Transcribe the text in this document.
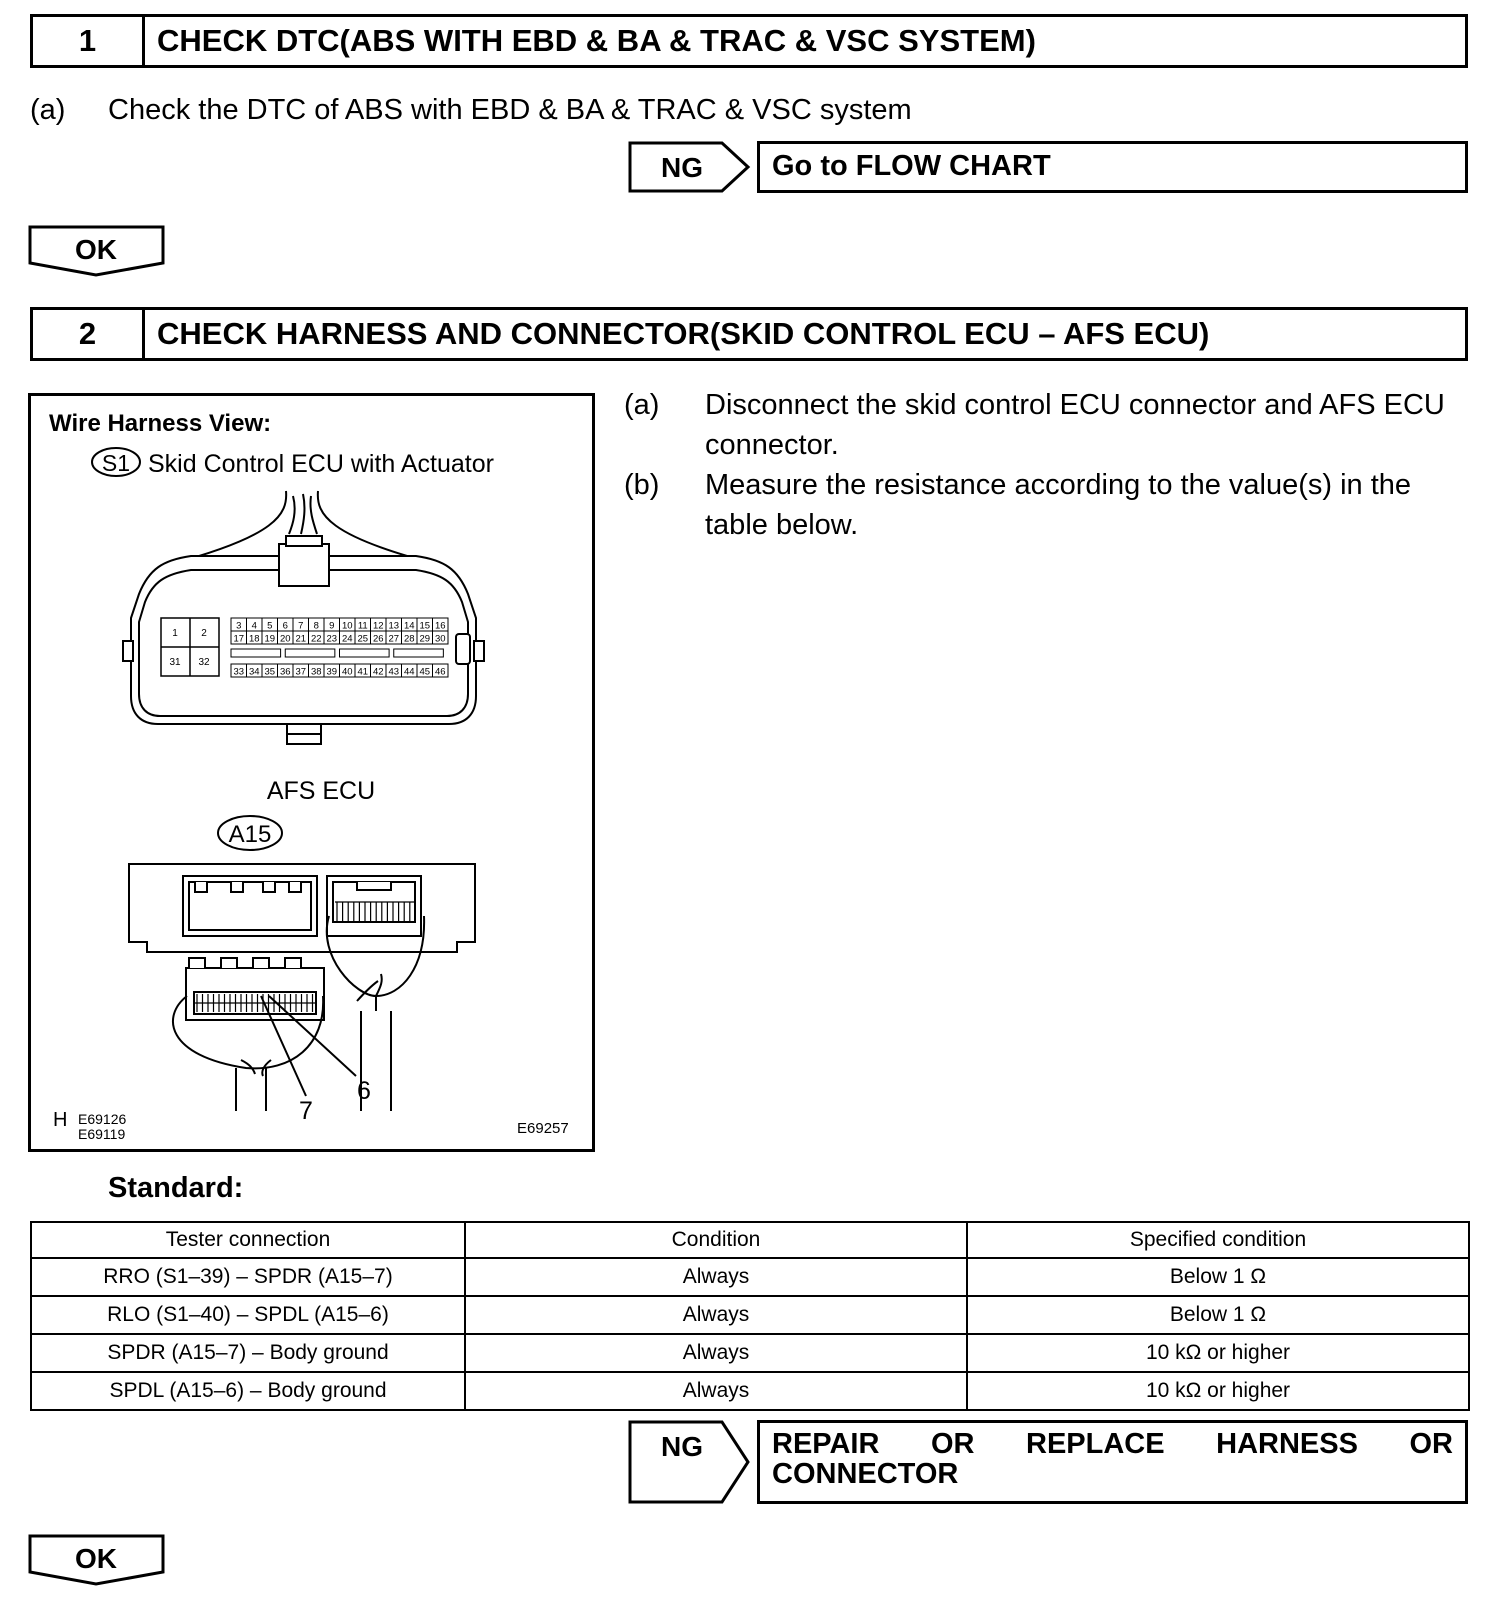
1	CHECK DTC(ABS WITH EBD & BA & TRAC & VSC SYSTEM)
(a) Check the DTC of ABS with EBD & BA & TRAC & VSC system
NG	Go to FLOW CHART
OK
2	CHECK HARNESS AND CONNECTOR(SKID CONTROL ECU – AFS ECU)
Wire Harness View:
S1 Skid Control ECU with Actuator
1 2
31 32
3 4 5 6 7 8 9 10 11 12 13 14 15 16
17 18 19 20 21 22 23 24 25 26 27 28 29 30
33 34 35 36 37 38 39 40 41 42 43 44 45 46
AFS ECU
A15
7
6
H E69126
E69119	E69257
(a) Disconnect the skid control ECU connector and AFS ECU
connector.
(b) Measure the resistance according to the value(s) in the
table below.
Standard:
Tester connection	Condition	Specified condition
RRO (S1–39) – SPDR (A15–7)	Always	Below 1 Ω
RLO (S1–40) – SPDL (A15–6)	Always	Below 1 Ω
SPDR (A15–7) – Body ground	Always	10 kΩ or higher
SPDL (A15–6) – Body ground	Always	10 kΩ or higher
NG REPAIR OR REPLACE HARNESS OR
CONNECTOR
OK
